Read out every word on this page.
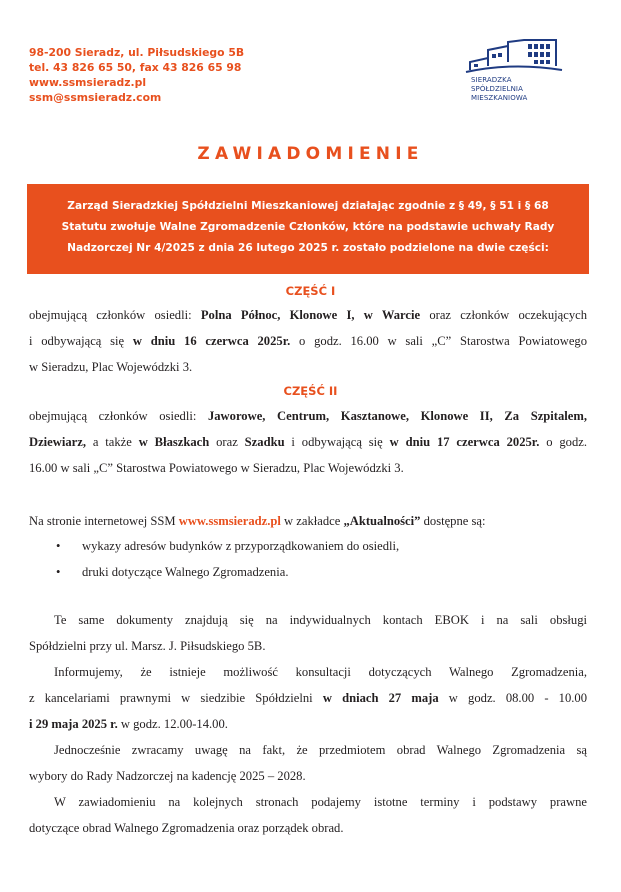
98-200 Sieradz, ul. Piłsudskiego 5B
tel. 43 826 65 50, fax 43 826 65 98
www.ssmsieradz.pl
ssm@ssmsieradz.com
SIERADZKA
SPÓŁDZIELNIA
MIESZKANIOWA
ZAWIADOMIENIE
Zarząd Sieradzkiej Spółdzielni Mieszkaniowej działając zgodnie z § 49, § 51 i § 68
Statutu zwołuje Walne Zgromadzenie Członków, które na podstawie uchwały Rady
Nadzorczej Nr 4/2025 z dnia 26 lutego 2025 r. zostało podzielone na dwie części:
CZĘŚĆ I
obejmującą członków osiedli: Polna Północ, Klonowe I, w Warcie oraz członków oczekujących
i odbywającą się w dniu 16 czerwca 2025r. o godz. 16.00 w sali „C” Starostwa Powiatowego
w Sieradzu, Plac Wojewódzki 3.
CZĘŚĆ II
obejmującą członków osiedli: Jaworowe, Centrum, Kasztanowe, Klonowe II, Za Szpitalem,
Dziewiarz, a także w Błaszkach oraz Szadku i odbywającą się w dniu 17 czerwca 2025r. o godz.
16.00 w sali „C” Starostwa Powiatowego w Sieradzu, Plac Wojewódzki 3.
Na stronie internetowej SSM www.ssmsieradz.pl w zakładce „Aktualności” dostępne są:
• wykazy adresów budynków z przyporządkowaniem do osiedli,
• druki dotyczące Walnego Zgromadzenia.
Te same dokumenty znajdują się na indywidualnych kontach EBOK i na sali obsługi
Spółdzielni przy ul. Marsz. J. Piłsudskiego 5B.
Informujemy, że istnieje możliwość konsultacji dotyczących Walnego Zgromadzenia,
z kancelariami prawnymi w siedzibie Spółdzielni w dniach 27 maja w godz. 08.00 - 10.00
i 29 maja 2025 r. w godz. 12.00-14.00.
Jednocześnie zwracamy uwagę na fakt, że przedmiotem obrad Walnego Zgromadzenia są
wybory do Rady Nadzorczej na kadencję 2025 – 2028.
W zawiadomieniu na kolejnych stronach podajemy istotne terminy i podstawy prawne
dotyczące obrad Walnego Zgromadzenia oraz porządek obrad.
